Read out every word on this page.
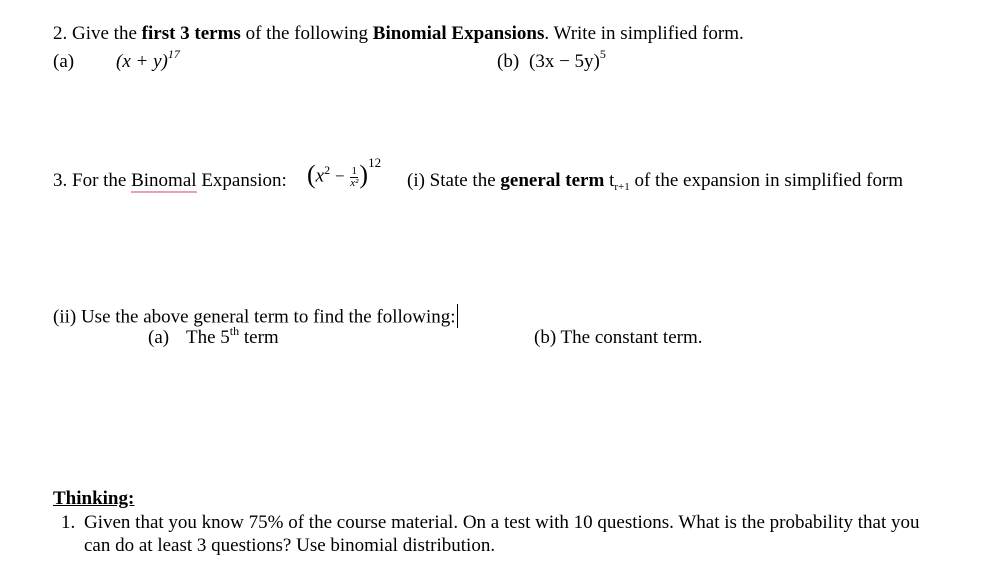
2. Give the first 3 terms of the following Binomial Expansions. Write in simplified form.
(a) $(x + y)^{17}$	(b) $(3x - 5y)^5$
3. For the Binomal Expansion: $(x^2 - \frac{1}{\text{x²}} )^{12}$
(i) State the general term $t_{r+1}$ of the expansion in simplified form
(ii) Use the above general term to find the following:
(a) The 5th term	(b) The constant term.
Thinking:
1. Given that you know 75% of the course material. On a test with 10 questions. What is the probability that you
can do at least 3 questions? Use binomial distribution.
